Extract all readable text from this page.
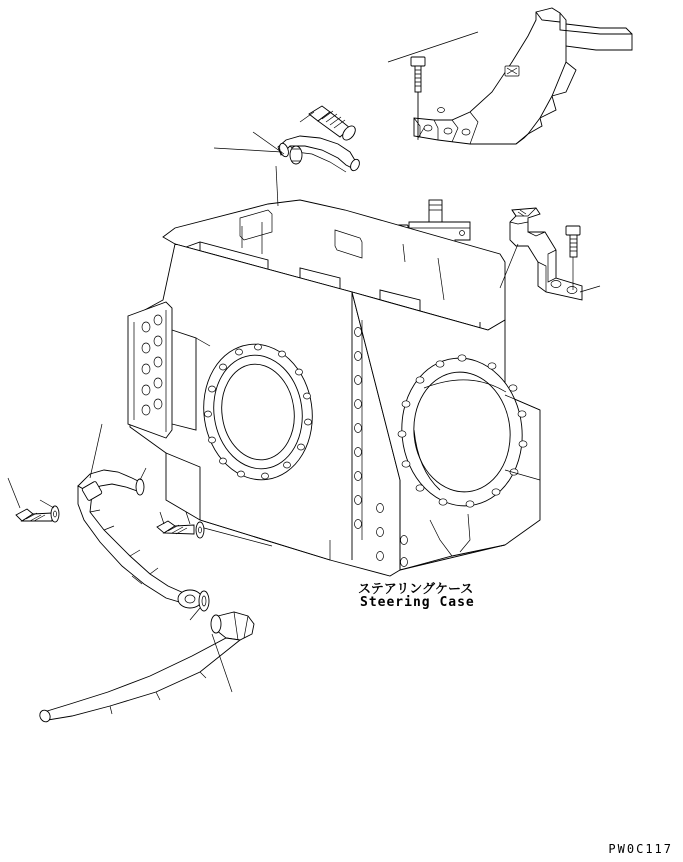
ステアリングケース
Steering Case
PW0C117
